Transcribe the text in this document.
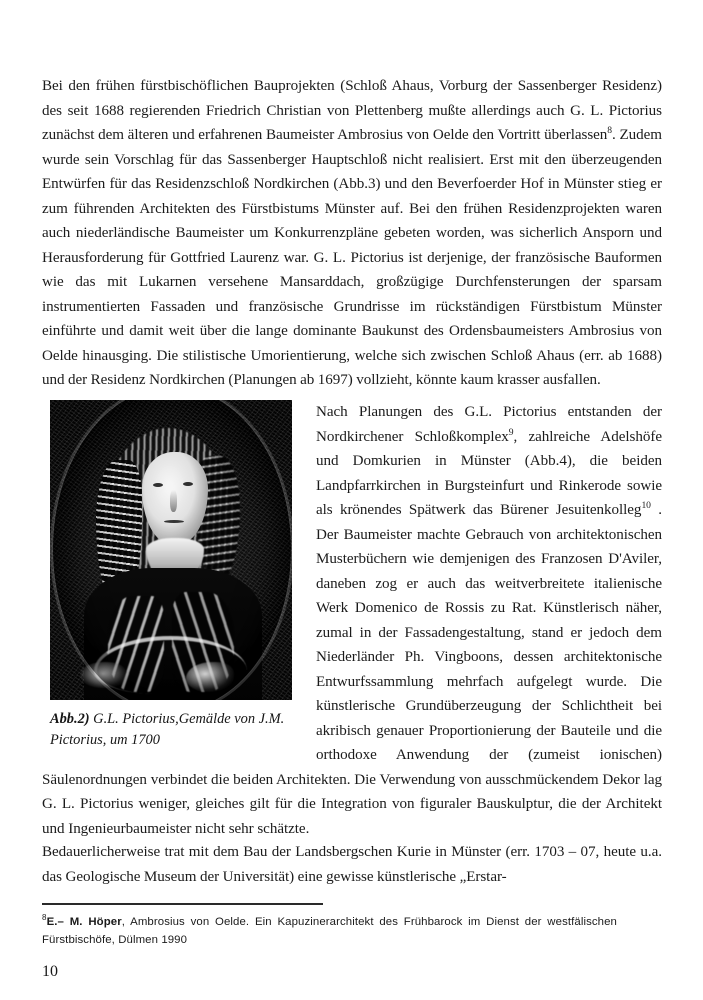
Bei den frühen fürstbischöflichen Bauprojekten (Schloß Ahaus, Vorburg der Sassenberger Residenz) des seit 1688 regierenden Friedrich Christian von Plettenberg mußte allerdings auch G. L. Pictorius zunächst dem älteren und erfahrenen Baumeister Ambrosius von Oelde den Vortritt überlassen$^8$. Zudem wurde sein Vorschlag für das Sassenberger Hauptschloß nicht realisiert. Erst mit den überzeugenden Entwürfen für das Residenzschloß Nordkirchen (Abb.3) und den Beverfoerder Hof in Münster stieg er zum führenden Architekten des Fürstbistums Münster auf. Bei den frühen Residenzprojekten waren auch niederländische Baumeister um Konkurrenzpläne gebeten worden, was sicherlich Ansporn und Herausforderung für Gottfried Laurenz war. G. L. Pictorius ist derjenige, der französische Bauformen wie das mit Lukarnen versehene Mansarddach, großzügige Durchfensterungen der sparsam instrumentierten Fassaden und französische Grundrisse im rückständigen Fürstbistum Münster einführte und damit weit über die lange dominante Baukunst des Ordensbaumeisters Ambrosius von Oelde hinausging. Die stilistische Umorientierung, welche sich zwischen Schloß Ahaus (err. ab 1688) und der Residenz Nordkirchen (Planungen ab 1697) vollzieht, könnte kaum krasser ausfallen.

Abb.2) G.L. Pictorius,Gemälde von J.M. Pictorius, um 1700

Nach Planungen des G.L. Pictorius entstanden der Nordkirchener Schloßkomplex$^9$, zahlreiche Adelshöfe und Domkurien in Münster (Abb.4), die beiden Landpfarrkirchen in Burgsteinfurt und Rinkerode sowie als krönendes Spätwerk das Bürener Jesuitenkolleg$^{10}$ . Der Baumeister machte Gebrauch von architektonischen Musterbüchern wie demjenigen des Franzosen D'Aviler, daneben zog er auch das weitverbreitete italienische Werk Domenico de Rossis zu Rat. Künstlerisch näher, zumal in der Fassadengestaltung, stand er jedoch dem Niederländer Ph. Vingboons, dessen architektonische Entwurfssammlung mehrfach aufgelegt wurde. Die künstlerische Grundüberzeugung der Schlichtheit bei akribisch genauer Proportionierung der Bauteile und die orthodoxe Anwendung der (zumeist ionischen) Säulenordnungen verbindet die beiden Architekten. Die Verwendung von ausschmückendem Dekor lag G. L. Pictorius weniger, gleiches gilt für die Integration von figuraler Bauskulptur, die der Architekt und Ingenieurbaumeister nicht sehr schätzte.

Bedauerlicherweise trat mit dem Bau der Landsbergschen Kurie in Münster (err. 1703 – 07, heute u.a. das Geologische Museum der Universität) eine gewisse künstlerische „Erstar-

$^8$E.– M. Höper, Ambrosius von Oelde. Ein Kapuzinerarchitekt des Frühbarock im Dienst der westfälischen Fürstbischöfe, Dülmen 1990

10
